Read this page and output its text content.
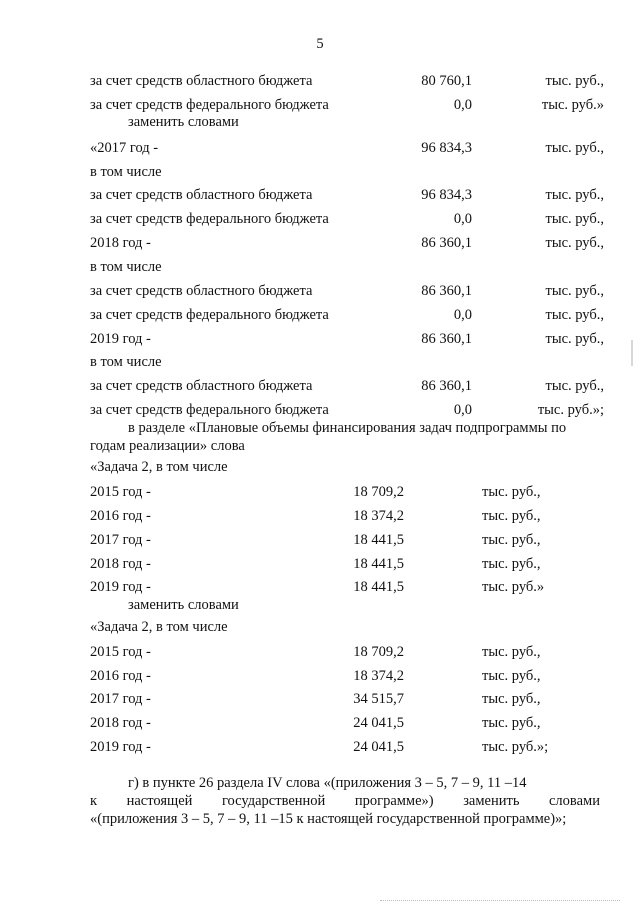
5
за счет средств областного бюджета	80 760,1	тыс. руб.,
за счет средств федерального бюджета	0,0	тыс. руб.»
заменить словами
«2017 год -	96 834,3	тыс. руб.,
в том числе
за счет средств областного бюджета	96 834,3	тыс. руб.,
за счет средств федерального бюджета	0,0	тыс. руб.,
2018 год -	86 360,1	тыс. руб.,
в том числе
за счет средств областного бюджета	86 360,1	тыс. руб.,
за счет средств федерального бюджета	0,0	тыс. руб.,
2019 год -	86 360,1	тыс. руб.,
в том числе
за счет средств областного бюджета	86 360,1	тыс. руб.,
за счет средств федерального бюджета	0,0	тыс. руб.»;
в разделе «Плановые объемы финансирования задач подпрограммы по
годам реализации» слова
«Задача 2, в том числе
2015 год -	18 709,2	тыс. руб.,
2016 год -	18 374,2	тыс. руб.,
2017 год -	18 441,5	тыс. руб.,
2018 год -	18 441,5	тыс. руб.,
2019 год -	18 441,5	тыс. руб.»
заменить словами
«Задача 2, в том числе
2015 год -	18 709,2	тыс. руб.,
2016 год -	18 374,2	тыс. руб.,
2017 год -	34 515,7	тыс. руб.,
2018 год -	24 041,5	тыс. руб.,
2019 год -	24 041,5	тыс. руб.»;
г) в пункте 26 раздела IV слова «(приложения 3 – 5, 7 – 9, 11 –14
к настоящей государственной программе») заменить словами
«(приложения 3 – 5, 7 – 9, 11 –15 к настоящей государственной программе)»;
